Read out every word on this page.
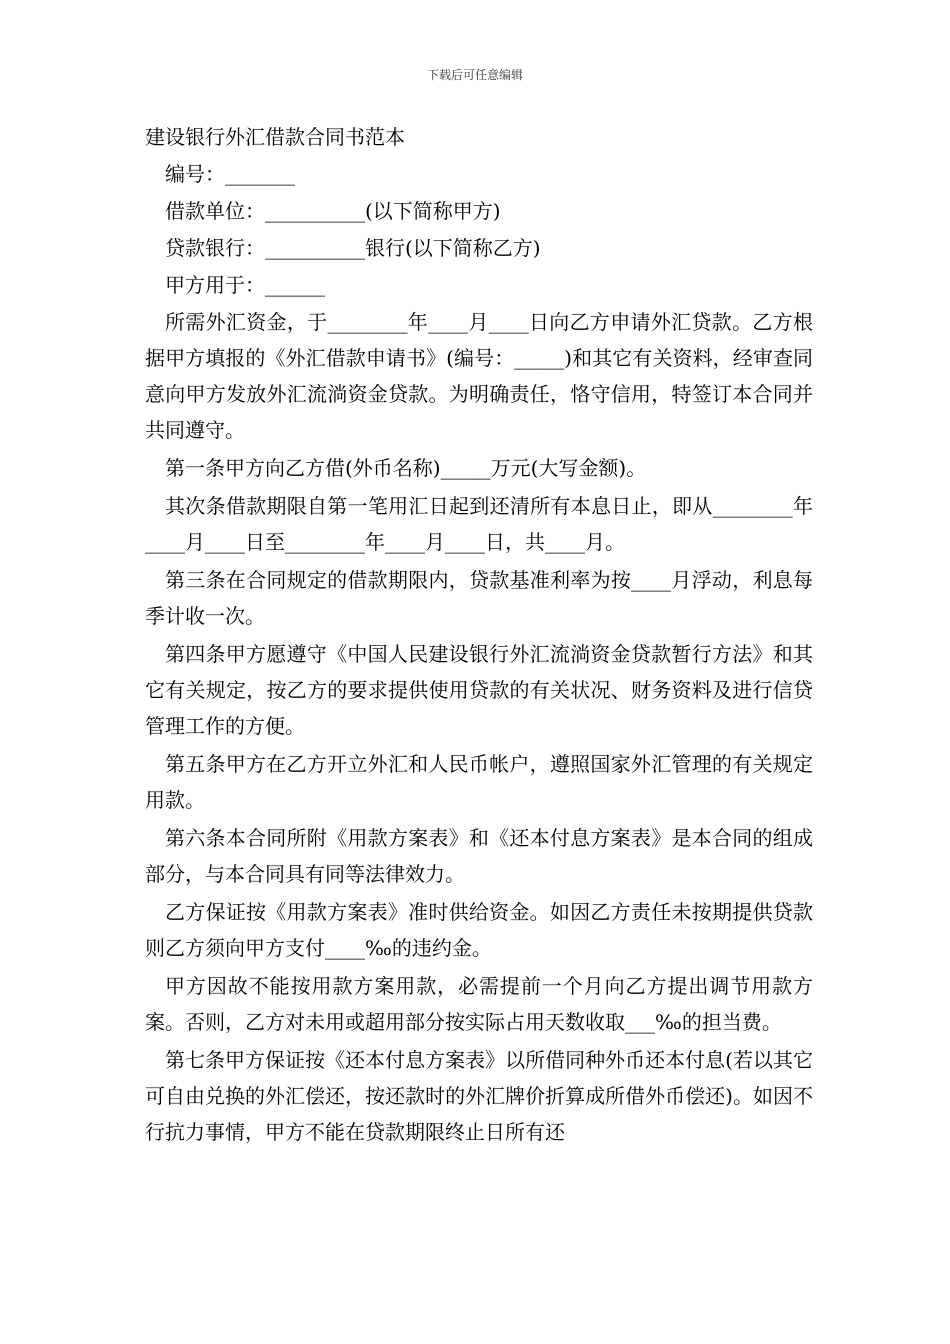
下载后可任意编辑

建设银行外汇借款合同书范本

编号：_______

借款单位：__________(以下简称甲方)

贷款银行：__________银行(以下简称乙方)

甲方用于：______

所需外汇资金，于________年____月____日向乙方申请外汇贷款。乙方根据甲方填报的《外汇借款申请书》(编号：_____)和其它有关资料，经审查同意向甲方发放外汇流淌资金贷款。为明确责任，恪守信用，特签订本合同并共同遵守。

第一条甲方向乙方借(外币名称)_____万元(大写金额)。

其次条借款期限自第一笔用汇日起到还清所有本息日止，即从________年____月____日至________年____月____日，共____月。

第三条在合同规定的借款期限内，贷款基准利率为按____月浮动，利息每季计收一次。

第四条甲方愿遵守《中国人民建设银行外汇流淌资金贷款暂行方法》和其它有关规定，按乙方的要求提供使用贷款的有关状况、财务资料及进行信贷管理工作的方便。

第五条甲方在乙方开立外汇和人民币帐户，遵照国家外汇管理的有关规定用款。

第六条本合同所附《用款方案表》和《还本付息方案表》是本合同的组成部分，与本合同具有同等法律效力。

乙方保证按《用款方案表》准时供给资金。如因乙方责任未按期提供贷款则乙方须向甲方支付____‰的违约金。

甲方因故不能按用款方案用款，必需提前一个月向乙方提出调节用款方案。否则，乙方对未用或超用部分按实际占用天数收取___‰的担当费。

第七条甲方保证按《还本付息方案表》以所借同种外币还本付息(若以其它可自由兑换的外汇偿还，按还款时的外汇牌价折算成所借外币偿还)。如因不行抗力事情，甲方不能在贷款期限终止日所有还
